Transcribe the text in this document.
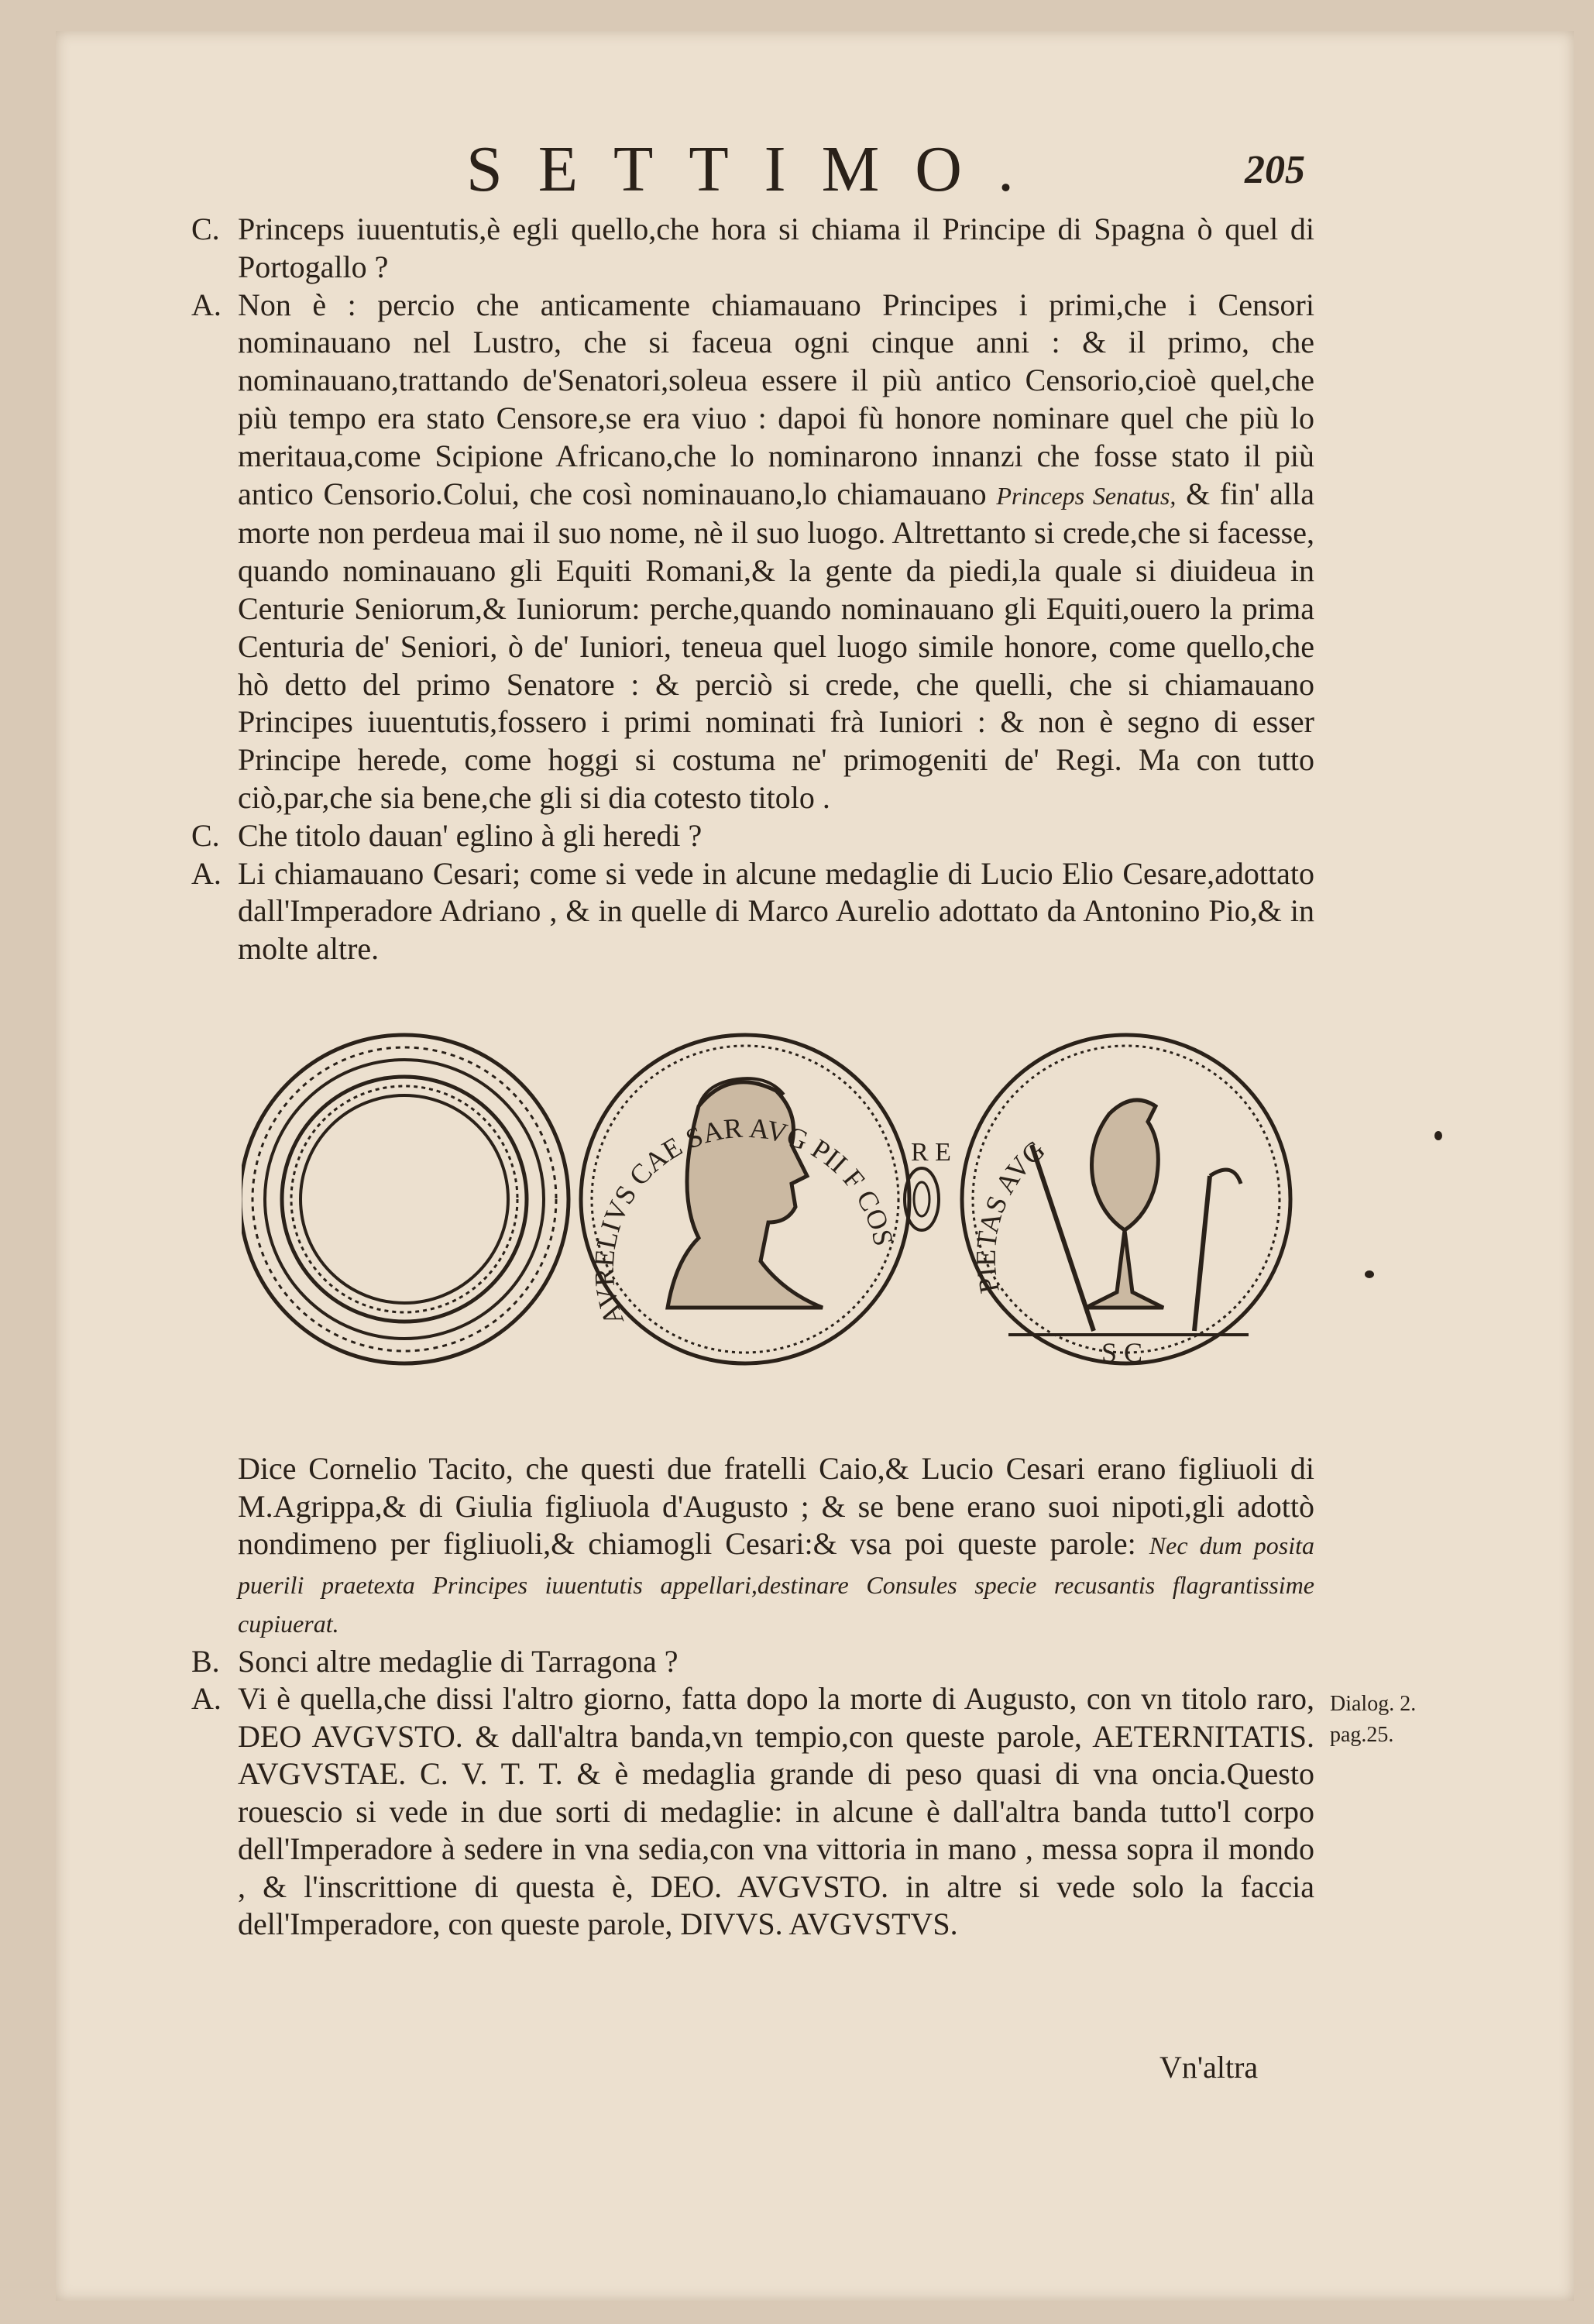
SETTIMO.	205

C. Princeps iuuentutis,è egli quello,che hora si chiama il Principe di Spagna ò quel di Portogallo ?

A. Non è : percio che anticamente chiamauano Principes i primi,che i Censori nominauano nel Lustro, che si faceua ogni cinque anni : & il primo, che nominauano,trattando de'Senatori,soleua essere il più antico Censorio,cioè quel,che più tempo era stato Censore,se era viuo : dapoi fù honore nominare quel che più lo meritaua,come Scipione Africano,che lo nominarono innanzi che fosse stato il più antico Censorio.Colui, che così nominauano,lo chiamauano Princeps Senatus, & fin' alla morte non perdeua mai il suo nome, nè il suo luogo. Altrettanto si crede,che si facesse, quando nominauano gli Equiti Romani,& la gente da piedi,la quale si diuideua in Centurie Seniorum,& Iuniorum: perche,quando nominauano gli Equiti,ouero la prima Centuria de' Seniori, ò de' Iuniori, teneua quel luogo simile honore, come quello,che hò detto del primo Senatore : & perciò si crede, che quelli, che si chiamauano Principes iuuentutis,fossero i primi nominati frà Iuniori : & non è segno di esser Principe herede, come hoggi si costuma ne' primogeniti de' Regi. Ma con tutto ciò,par,che sia bene,che gli si dia cotesto titolo .

C. Che titolo dauan' eglino à gli heredi ?

A. Li chiamauano Cesari; come si vede in alcune medaglie di Lucio Elio Cesare,adottato dall'Imperadore Adriano , & in quelle di Marco Aurelio adottato da Antonino Pio,& in molte altre.

AVRELIVS CAE SAR AVG PII F COS
R E
PIETAS AVG
S C

Dice Cornelio Tacito, che questi due fratelli Caio,& Lucio Cesari erano figliuoli di M.Agrippa,& di Giulia figliuola d'Augusto ; & se bene erano suoi nipoti,gli adottò nondimeno per figliuoli,& chiamogli Cesari:& vsa poi queste parole: Nec dum posita puerili praetexta Principes iuuentutis appellari,destinare Consules specie recusantis flagrantissime cupiuerat.

B. Sonci altre medaglie di Tarragona ?

A. Vi è quella,che dissi l'altro giorno, fatta dopo la morte di Augusto, con vn titolo raro, DEO AVGVSTO. & dall'altra banda,vn tempio,con queste parole, AETERNITATIS. AVGVSTAE. C. V. T. T. & è medaglia grande di peso quasi di vna oncia.Questo rouescio si vede in due sorti di medaglie: in alcune è dall'altra banda tutto'l corpo dell'Imperadore à sedere in vna sedia,con vna vittoria in mano , messa sopra il mondo , & l'inscrittione di questa è, DEO. AVGVSTO. in altre si vede solo la faccia dell'Imperadore, con queste parole, DIVVS. AVGVSTVS.

Dialog. 2.
pag.25.
Vn'altra
